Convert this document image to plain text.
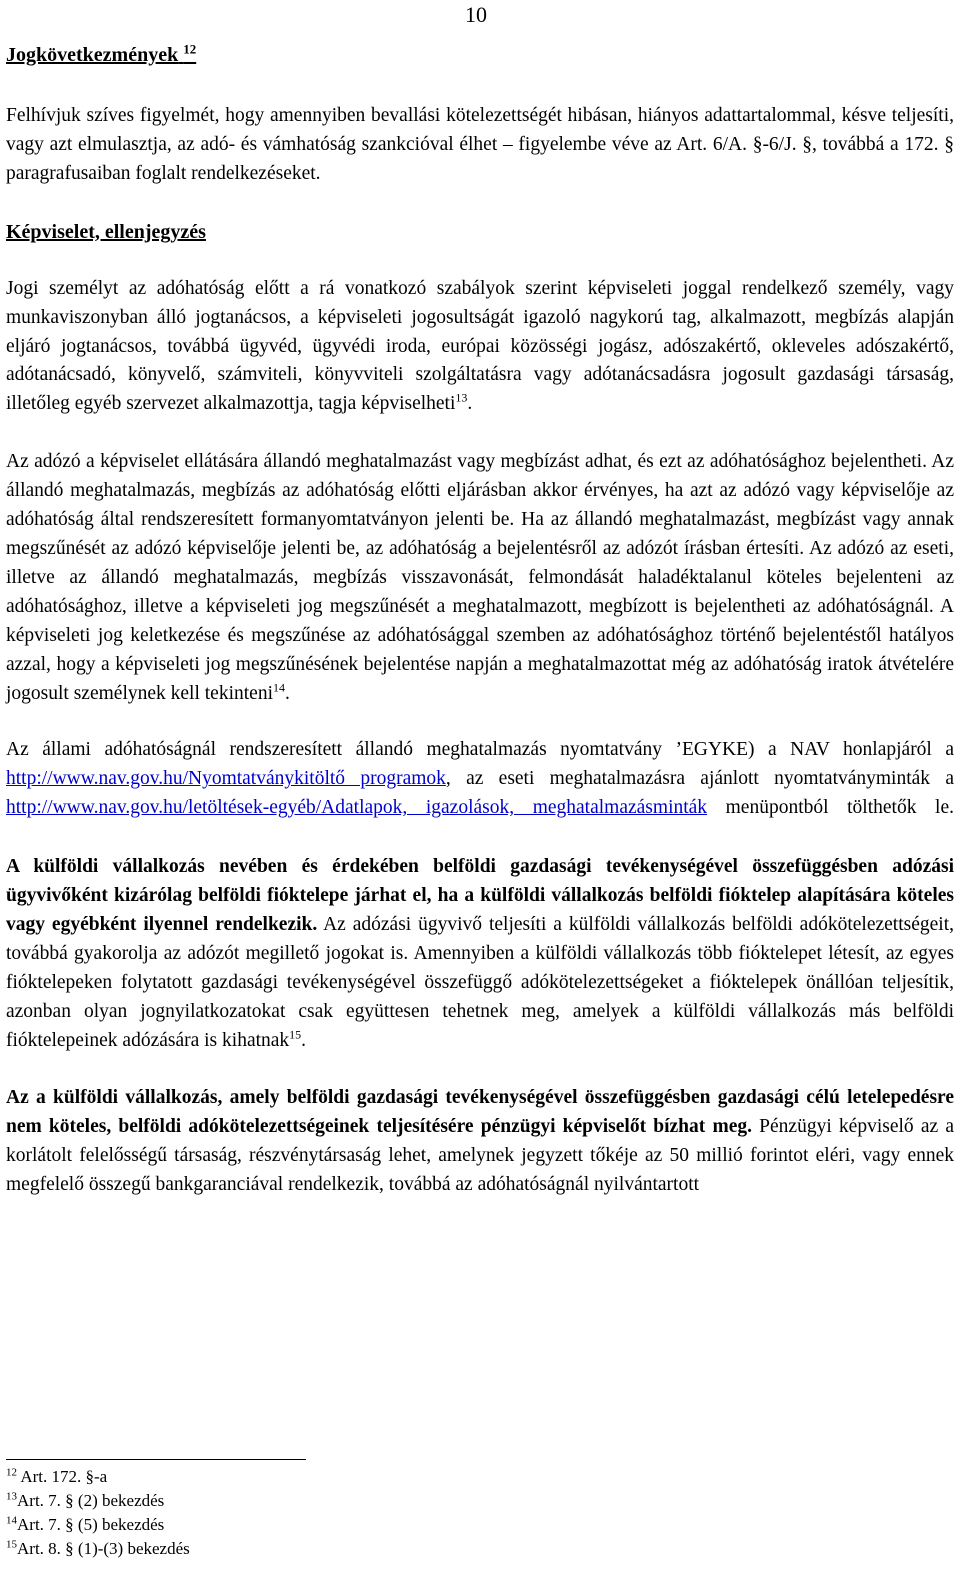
10
Jogkövetkezmények $^{12}$

Felhívjuk szíves figyelmét, hogy amennyiben bevallási kötelezettségét hibásan, hiányos adattartalommal, késve teljesíti, vagy azt elmulasztja, az adó- és vámhatóság szankcióval élhet – figyelembe véve az Art. 6/A. §-6/J. §, továbbá a 172. § paragrafusaiban foglalt rendelkezéseket.

Képviselet, ellenjegyzés

Jogi személyt az adóhatóság előtt a rá vonatkozó szabályok szerint képviseleti joggal rendelkező személy, vagy munkaviszonyban álló jogtanácsos, a képviseleti jogosultságát igazoló nagykorú tag, alkalmazott, megbízás alapján eljáró jogtanácsos, továbbá ügyvéd, ügyvédi iroda, európai közösségi jogász, adószakértő, okleveles adószakértő, adótanácsadó, könyvelő, számviteli, könyvviteli szolgáltatásra vagy adótanácsadásra jogosult gazdasági társaság, illetőleg egyéb szervezet alkalmazottja, tagja képviselheti$^{13}$.

Az adózó a képviselet ellátására állandó meghatalmazást vagy megbízást adhat, és ezt az adóhatósághoz bejelentheti. Az állandó meghatalmazás, megbízás az adóhatóság előtti eljárásban akkor érvényes, ha azt az adózó vagy képviselője az adóhatóság által rendszeresített formanyomtatványon jelenti be. Ha az állandó meghatalmazást, megbízást vagy annak megszűnését az adózó képviselője jelenti be, az adóhatóság a bejelentésről az adózót írásban értesíti. Az adózó az eseti, illetve az állandó meghatalmazás, megbízás visszavonását, felmondását haladéktalanul köteles bejelenteni az adóhatósághoz, illetve a képviseleti jog megszűnését a meghatalmazott, megbízott is bejelentheti az adóhatóságnál. A képviseleti jog keletkezése és megszűnése az adóhatósággal szemben az adóhatósághoz történő bejelentéstől hatályos azzal, hogy a képviseleti jog megszűnésének bejelentése napján a meghatalmazottat még az adóhatóság iratok átvételére jogosult személynek kell tekinteni$^{14}$.

Az állami adóhatóságnál rendszeresített állandó meghatalmazás nyomtatvány ’EGYKE) a NAV honlapjáról a http://www.nav.gov.hu/Nyomtatványkitöltő programok, az eseti meghatalmazásra ajánlott nyomtatványminták a http://www.nav.gov.hu/letöltések-egyéb/Adatlapok, igazolások, meghatalmazásminták menüpontból tölthetők le.

A külföldi vállalkozás nevében és érdekében belföldi gazdasági tevékenységével összefüggésben adózási ügyvivőként kizárólag belföldi fióktelepe járhat el, ha a külföldi vállalkozás belföldi fióktelep alapítására köteles vagy egyébként ilyennel rendelkezik. Az adózási ügyvivő teljesíti a külföldi vállalkozás belföldi adókötelezettségeit, továbbá gyakorolja az adózót megillető jogokat is. Amennyiben a külföldi vállalkozás több fióktelepet létesít, az egyes fióktelepeken folytatott gazdasági tevékenységével összefüggő adókötelezettségeket a fióktelepek önállóan teljesítik, azonban olyan jognyilatkozatokat csak együttesen tehetnek meg, amelyek a külföldi vállalkozás más belföldi fióktelepeinek adózására is kihatnak$^{15}$.

Az a külföldi vállalkozás, amely belföldi gazdasági tevékenységével összefüggésben gazdasági célú letelepedésre nem köteles, belföldi adókötelezettségeinek teljesítésére pénzügyi képviselőt bízhat meg. Pénzügyi képviselő az a korlátolt felelősségű társaság, részvénytársaság lehet, amelynek jegyzett tőkéje az 50 millió forintot eléri, vagy ennek megfelelő összegű bankgaranciával rendelkezik, továbbá az adóhatóságnál nyilvántartott

$^{12}$ Art. 172. §-a
$^{13}$Art. 7. § (2) bekezdés
$^{14}$Art. 7. § (5) bekezdés
$^{15}$Art. 8. § (1)-(3) bekezdés
